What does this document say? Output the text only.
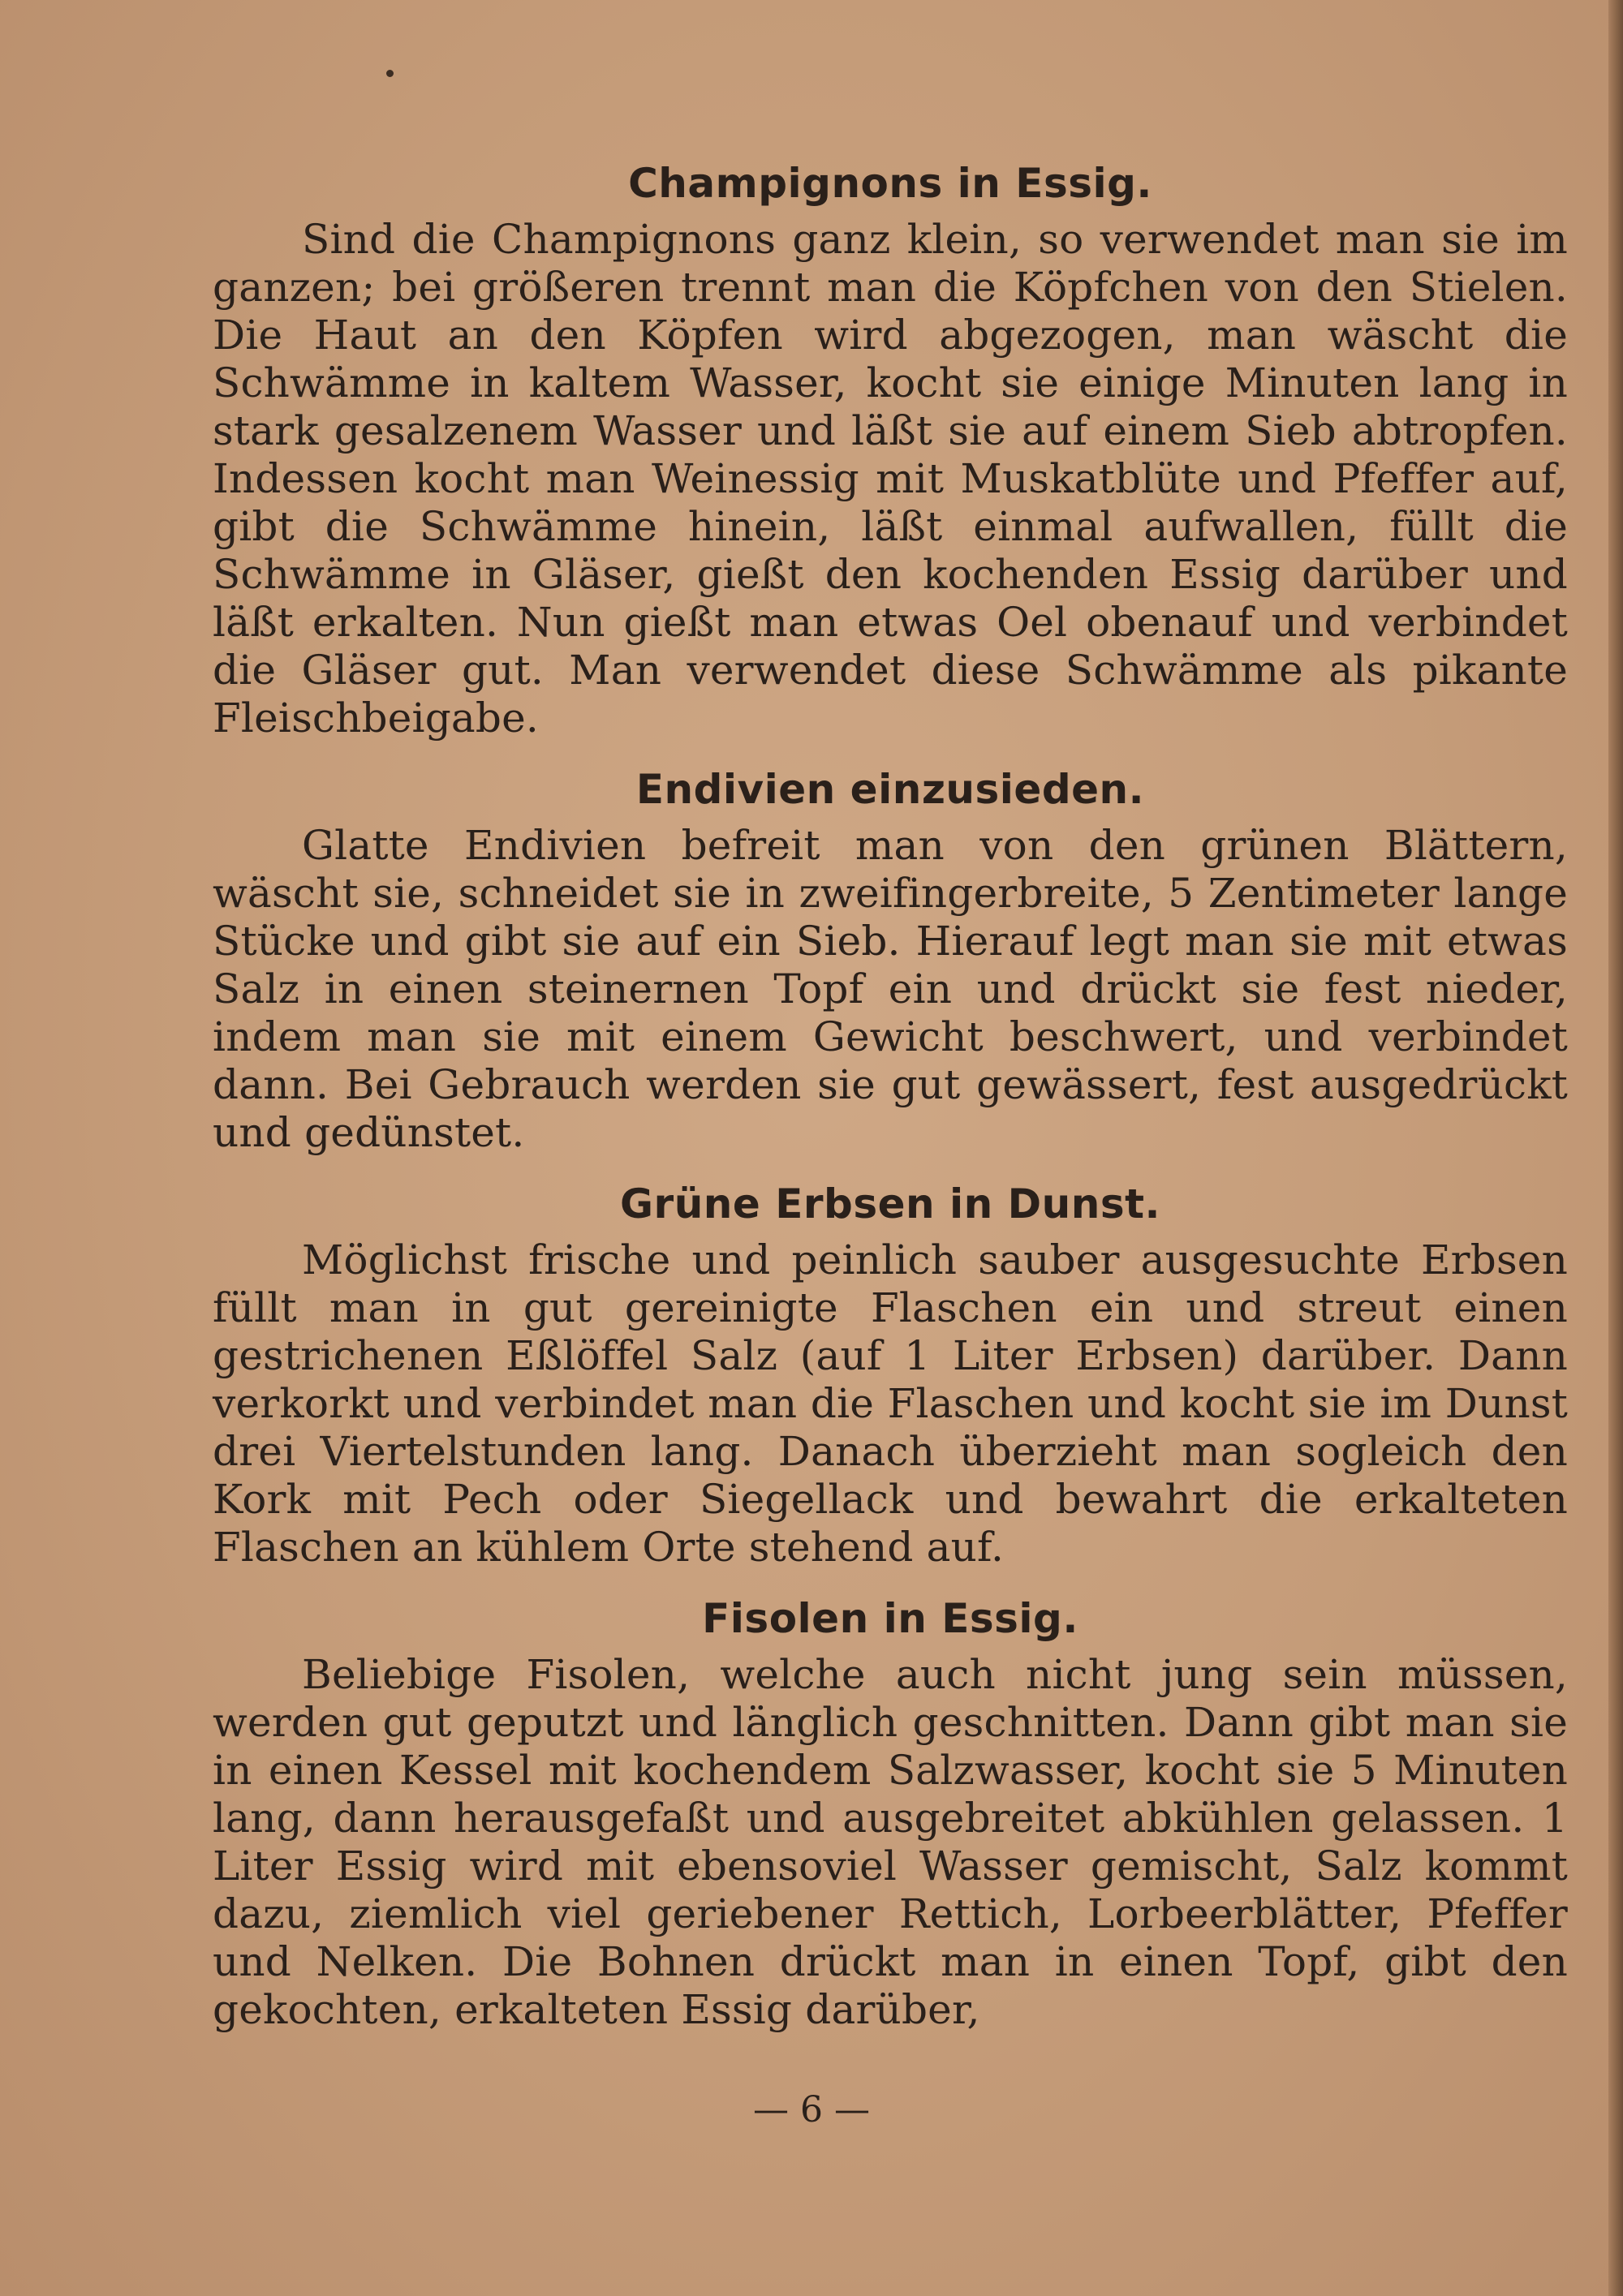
Champignons in Essig.

Sind die Champignons ganz klein, so verwendet man sie im ganzen; bei größeren trennt man die Köpfchen von den Stielen. Die Haut an den Köpfen wird abgezogen, man wäscht die Schwämme in kaltem Wasser, kocht sie einige Minuten lang in stark gesalzenem Wasser und läßt sie auf einem Sieb abtropfen. Indessen kocht man Weinessig mit Muskatblüte und Pfeffer auf, gibt die Schwämme hinein, läßt einmal aufwallen, füllt die Schwämme in Gläser, gießt den kochenden Essig darüber und läßt erkalten. Nun gießt man etwas Oel obenauf und verbindet die Gläser gut. Man verwendet diese Schwämme als pikante Fleischbeigabe.

Endivien einzusieden.

Glatte Endivien befreit man von den grünen Blättern, wäscht sie, schneidet sie in zweifingerbreite, 5 Zentimeter lange Stücke und gibt sie auf ein Sieb. Hierauf legt man sie mit etwas Salz in einen steinernen Topf ein und drückt sie fest nieder, indem man sie mit einem Gewicht beschwert, und verbindet dann. Bei Gebrauch werden sie gut gewässert, fest ausgedrückt und gedünstet.

Grüne Erbsen in Dunst.

Möglichst frische und peinlich sauber ausgesuchte Erbsen füllt man in gut gereinigte Flaschen ein und streut einen gestrichenen Eßlöffel Salz (auf 1 Liter Erbsen) darüber. Dann verkorkt und verbindet man die Flaschen und kocht sie im Dunst drei Viertelstunden lang. Danach überzieht man sogleich den Kork mit Pech oder Siegellack und bewahrt die erkalteten Flaschen an kühlem Orte stehend auf.

Fisolen in Essig.

Beliebige Fisolen, welche auch nicht jung sein müssen, werden gut geputzt und länglich geschnitten. Dann gibt man sie in einen Kessel mit kochendem Salzwasser, kocht sie 5 Minuten lang, dann herausgefaßt und ausgebreitet abkühlen gelassen. 1 Liter Essig wird mit ebensoviel Wasser gemischt, Salz kommt dazu, ziemlich viel geriebener Rettich, Lorbeerblätter, Pfeffer und Nelken. Die Bohnen drückt man in einen Topf, gibt den gekochten, erkalteten Essig darüber,

— 6 —
